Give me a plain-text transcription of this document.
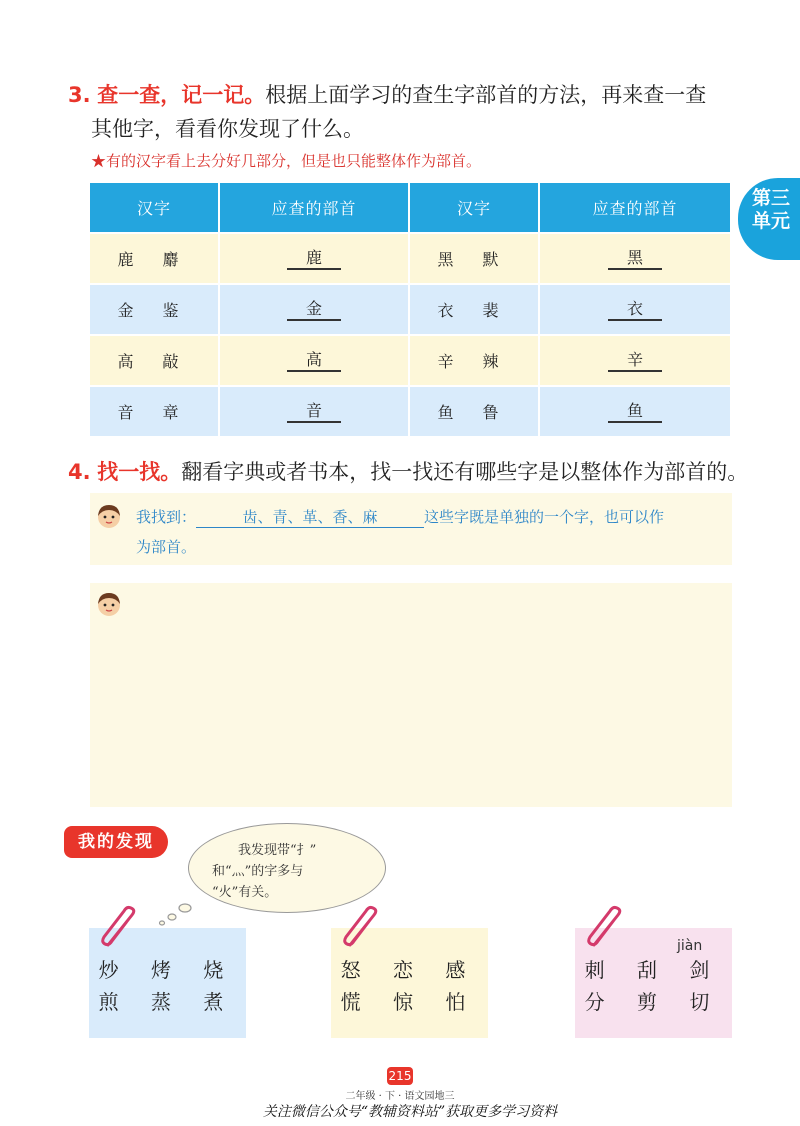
3. 查一查，记一记。根据上面学习的查生字部首的方法，再来查一查
其他字，看看你发现了什么。
★有的汉字看上去分好几部分，但是也只能整体作为部首。
第三
单元
汉字	应查的部首	汉字	应查的部首
鹿 麝	鹿	黑 默	黑
金 鉴	金	衣 裴	衣
高 敲	高	辛 辣	辛
音 章	音	鱼 鲁	鱼
4. 找一找。翻看字典或者书本，找一找还有哪些字是以整体作为部首的。
我找到：	齿、青、革、香、麻	这些字既是单独的一个字，也可以作
为部首。
我的发现	我发现带“扌”
和“灬”的字多与
“火”有关。
炒 烤 烧
煎 蒸 煮
怒 恋 感
慌 惊 怕
刺 刮 剑
分 剪 切
jiàn
215
二年级 · 下 · 语文园地三
关注微信公众号“教辅资料站”获取更多学习资料
